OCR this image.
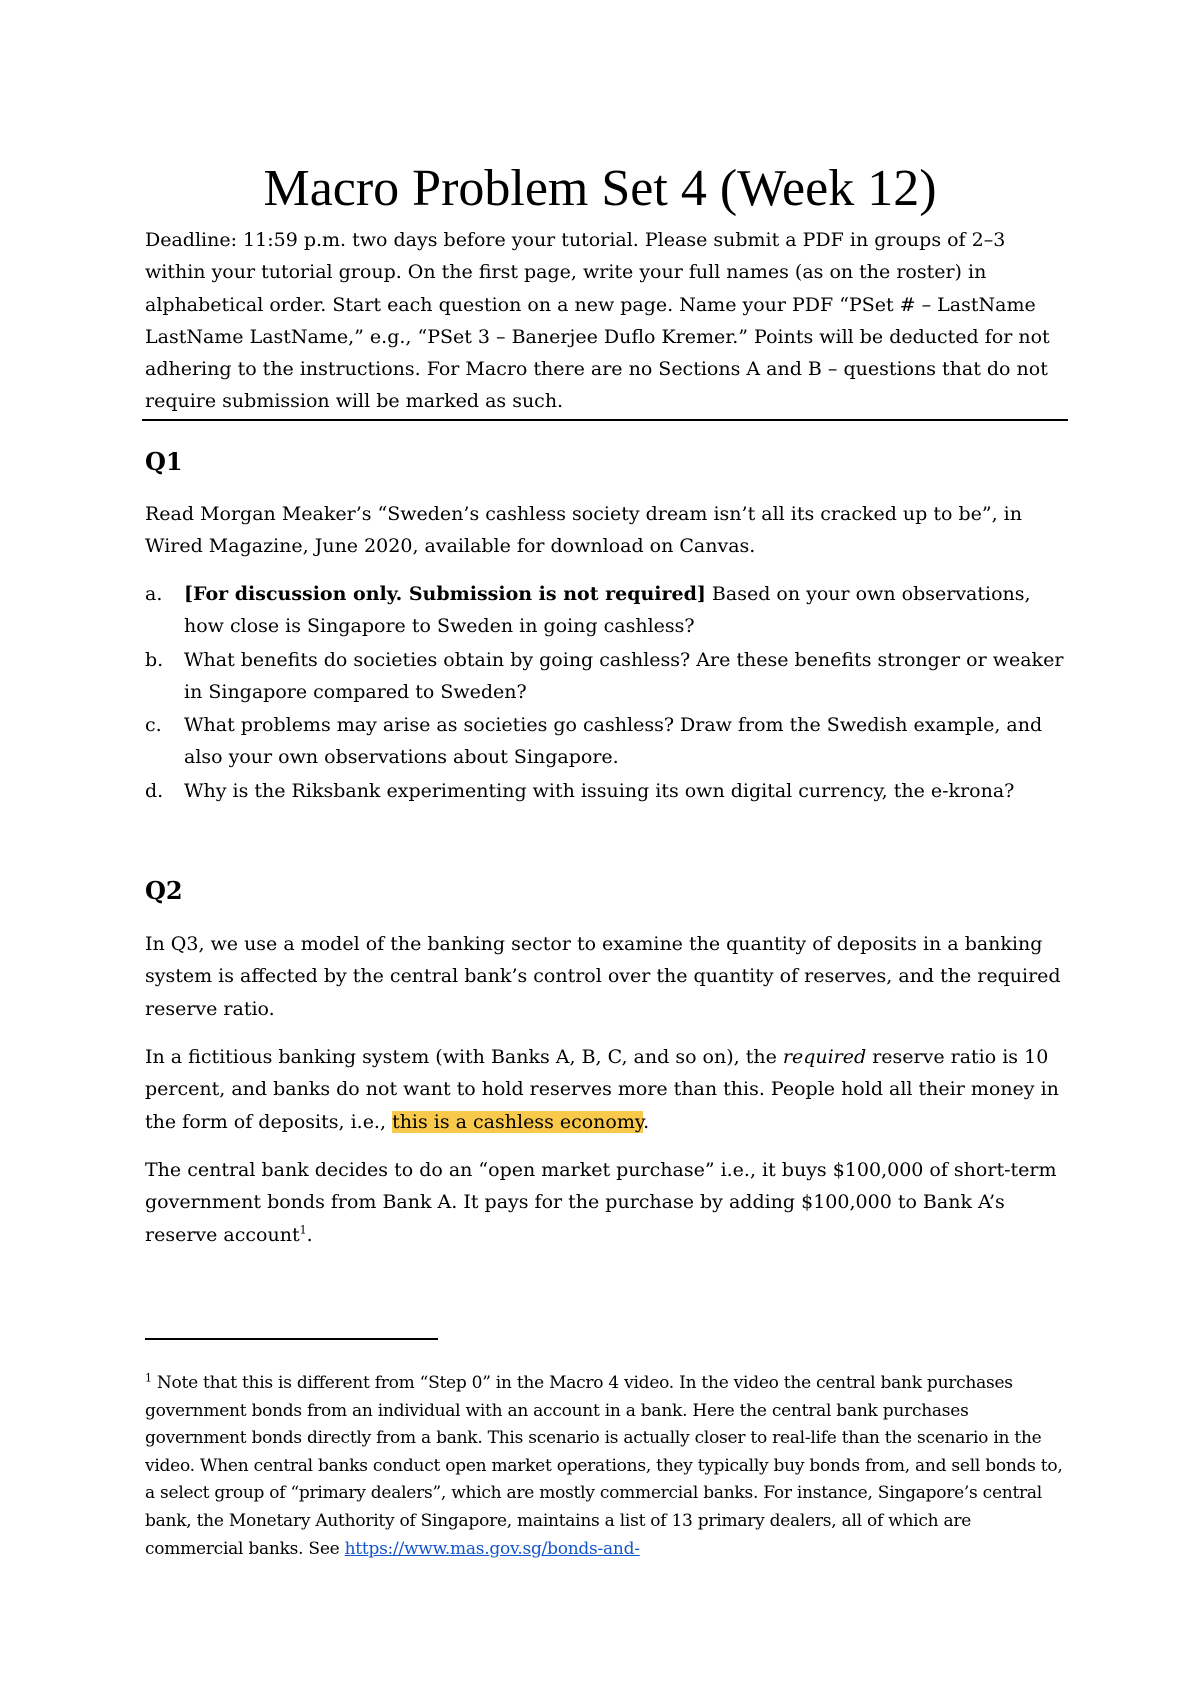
Macro Problem Set 4 (Week 12)

Deadline: 11:59 p.m. two days before your tutorial. Please submit a PDF in groups of 2–3 within your tutorial group. On the first page, write your full names (as on the roster) in alphabetical order. Start each question on a new page. Name your PDF “PSet # – LastName LastName LastName,” e.g., “PSet 3 – Banerjee Duflo Kremer.” Points will be deducted for not adhering to the instructions. For Macro there are no Sections A and B – questions that do not require submission will be marked as such.

Q1

Read Morgan Meaker’s “Sweden’s cashless society dream isn’t all its cracked up to be”, in Wired Magazine, June 2020, available for download on Canvas.

a. [For discussion only. Submission is not required] Based on your own observations, how close is Singapore to Sweden in going cashless?
b. What benefits do societies obtain by going cashless? Are these benefits stronger or weaker in Singapore compared to Sweden?
c. What problems may arise as societies go cashless? Draw from the Swedish example, and also your own observations about Singapore.
d. Why is the Riksbank experimenting with issuing its own digital currency, the e-krona?
Q2

In Q3, we use a model of the banking sector to examine the quantity of deposits in a banking system is affected by the central bank’s control over the quantity of reserves, and the required reserve ratio.

In a fictitious banking system (with Banks A, B, C, and so on), the required reserve ratio is 10 percent, and banks do not want to hold reserves more than this. People hold all their money in the form of deposits, i.e., this is a cashless economy.

The central bank decides to do an “open market purchase” i.e., it buys $100,000 of short-term government bonds from Bank A. It pays for the purchase by adding $100,000 to Bank A’s reserve account$^1$.

$^1$ Note that this is different from “Step 0” in the Macro 4 video. In the video the central bank purchases government bonds from an individual with an account in a bank. Here the central bank purchases government bonds directly from a bank. This scenario is actually closer to real-life than the scenario in the video. When central banks conduct open market operations, they typically buy bonds from, and sell bonds to, a select group of “primary dealers”, which are mostly commercial banks. For instance, Singapore’s central bank, the Monetary Authority of Singapore, maintains a list of 13 primary dealers, all of which are commercial banks. See https://www.mas.gov.sg/bonds-and-
